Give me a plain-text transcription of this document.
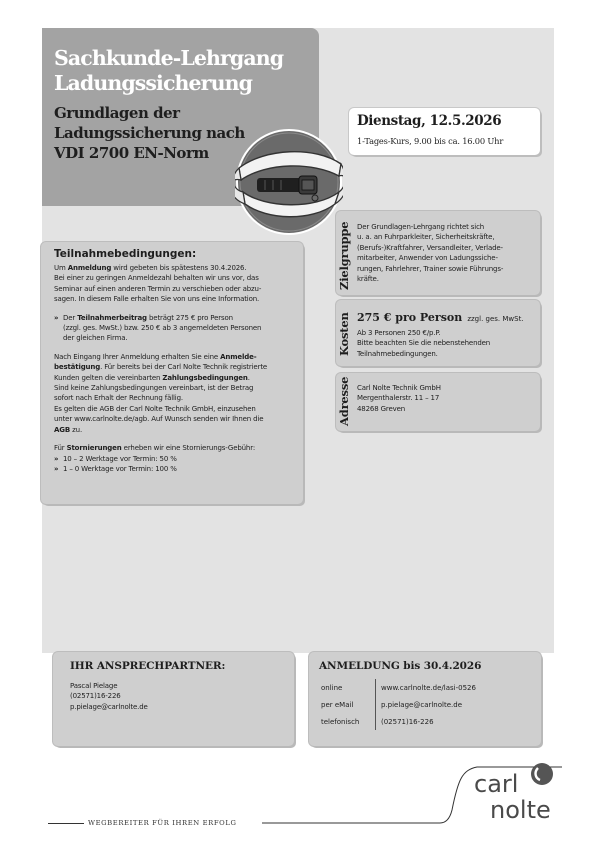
Sachkunde-Lehrgang
Ladungssicherung
Grundlagen der
Ladungssicherung nach
VDI 2700 EN-Norm
Dienstag, 12.5.2026
1-Tages-Kurs, 9.00 bis ca. 16.00 Uhr
Zielgruppe Der Grundlagen-Lehrgang richtet sich
u. a. an Fuhrparkleiter, Sicherheitskräfte,
(Berufs-)Kraftfahrer, Versandleiter, Verlade-
mitarbeiter, Anwender von Ladungssiche-
rungen, Fahrlehrer, Trainer sowie Führungs-
kräfte.
Kosten 275 € pro Person zzgl. ges. MwSt.
Ab 3 Personen 250 €/p.P.
Bitte beachten Sie die nebenstehenden
Teilnahmebedingungen.
Adresse Carl Nolte Technik GmbH
Mergenthalerstr. 11 – 17
48268 Greven
Teilnahmebedingungen:

Um Anmeldung wird gebeten bis spätestens 30.4.2026.

Bei einer zu geringen Anmeldezahl behalten wir uns vor, das

Seminar auf einen anderen Termin zu verschieben oder abzu-

sagen. In diesem Falle erhalten Sie von uns eine Information.

» Der Teilnahmerbeitrag beträgt 275 € pro Person

(zzgl. ges. MwSt.) bzw. 250 € ab 3 angemeldeten Personen

der gleichen Firma.

Nach Eingang Ihrer Anmeldung erhalten Sie eine Anmelde-

bestätigung. Für bereits bei der Carl Nolte Technik registrierte

Kunden gelten die vereinbarten Zahlungsbedingungen.

Sind keine Zahlungsbedingungen vereinbart, ist der Betrag

sofort nach Erhalt der Rechnung fällig.

Es gelten die AGB der Carl Nolte Technik GmbH, einzusehen

unter www.carlnolte.de/agb. Auf Wunsch senden wir Ihnen die

AGB zu.

Für Stornierungen erheben wir eine Stornierungs-Gebühr:

» 10 – 2 Werktage vor Termin: 50 %
» 1 – 0 Werktage vor Termin: 100 %
IHR ANSPRECHPARTNER:
Pascal Pielage
(02571)16-226
p.pielage@carlnolte.de
ANMELDUNG bis 30.4.2026
online	www.carlnolte.de/lasi-0526
per eMail	p.pielage@carlnolte.de
telefonisch	(02571)16-226
WEGBEREITER FÜR IHREN ERFOLG
carl
nolte
